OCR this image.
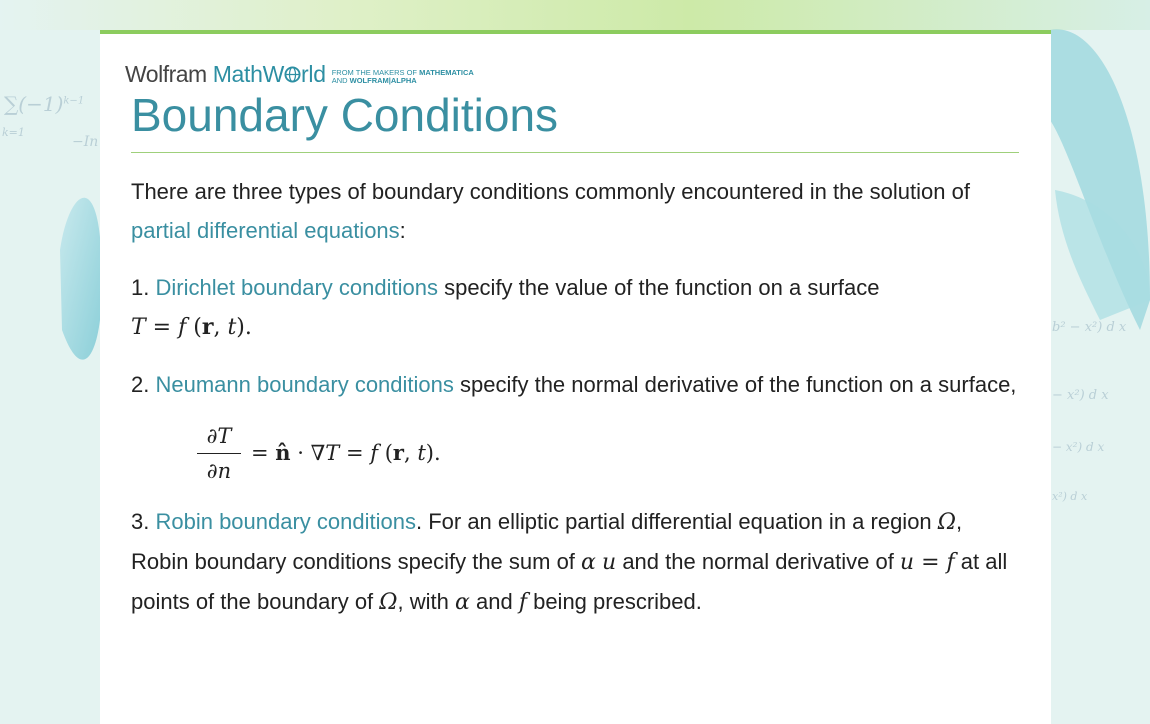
$\sum(-1)^{k-1}$
k=1
−In
b² − x²) d x
− x²) d x
− x²) d x
x²) d x
Wolfram MathW rld FROM THE MAKERS OF MATHEMATICA
AND WOLFRAM|ALPHA
Boundary Conditions

There are three types of boundary conditions commonly encountered in the solution of partial differential equations:

1. Dirichlet boundary conditions specify the value of the function on a surface
T = f (r, t).

2. Neumann boundary conditions specify the normal derivative of the function on a surface,

$\frac{\partial T}{\partial n}$ = n̂ · ∇T = f (r, t).

3. Robin boundary conditions. For an elliptic partial differential equation in a region Ω, Robin boundary conditions specify the sum of α u and the normal derivative of u = f at all points of the boundary of Ω, with α and f being prescribed.
